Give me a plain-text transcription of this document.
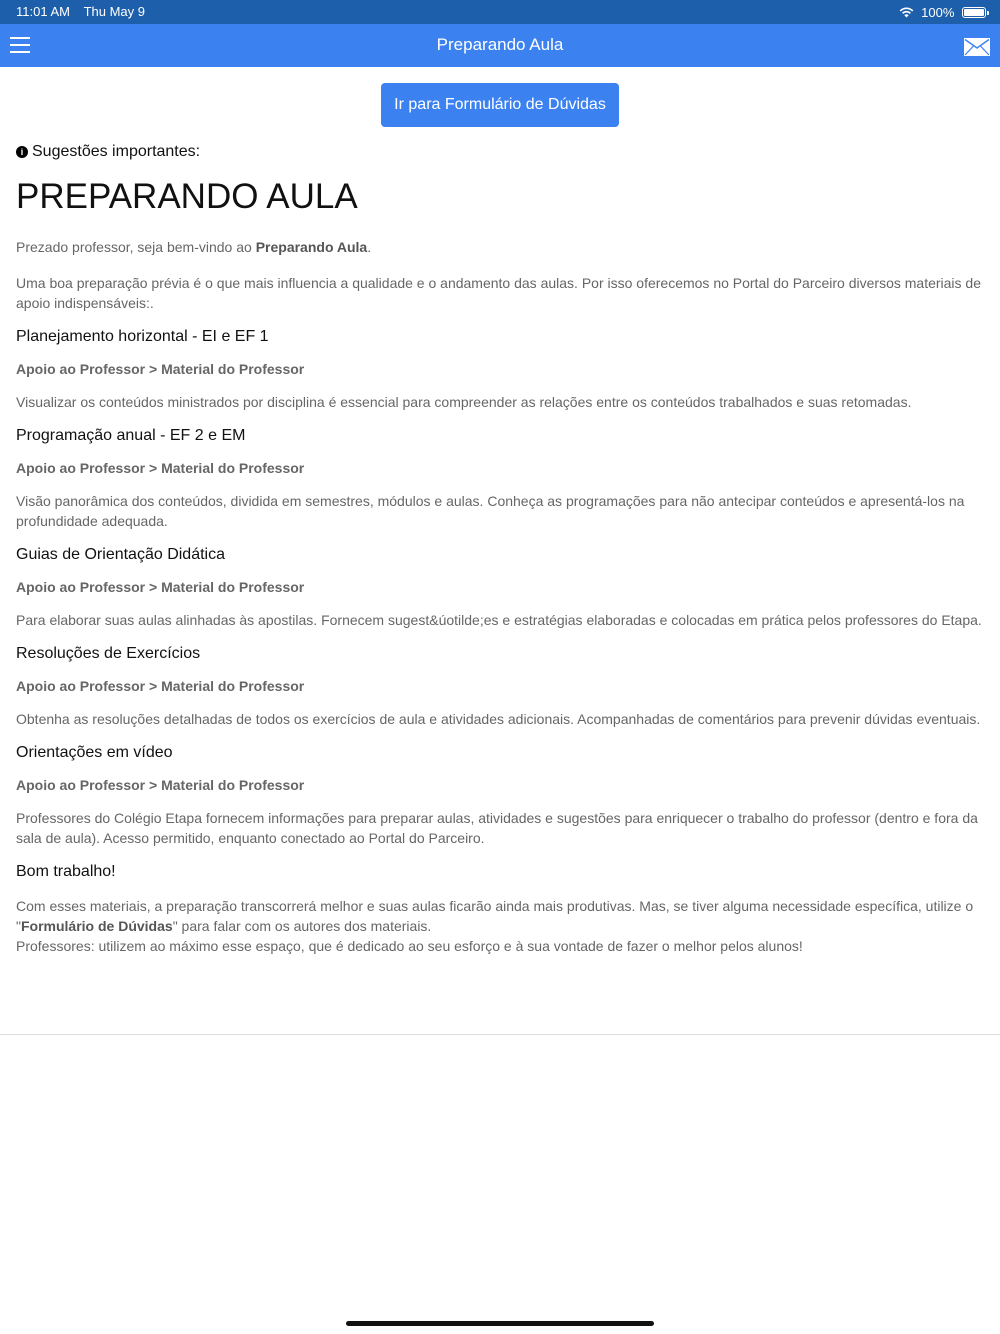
11:01 AM Thu May 9	100%
Preparando Aula
Ir para Formulário de Dúvidas
i Sugestões importantes:
PREPARANDO AULA

Prezado professor, seja bem-vindo ao Preparando Aula.

Uma boa preparação prévia é o que mais influencia a qualidade e o andamento das aulas. Por isso oferecemos no Portal do Parceiro diversos materiais de apoio indispensáveis:.

Planejamento horizontal - EI e EF 1

Apoio ao Professor > Material do Professor

Visualizar os conteúdos ministrados por disciplina é essencial para compreender as relações entre os conteúdos trabalhados e suas retomadas.

Programação anual - EF 2 e EM

Apoio ao Professor > Material do Professor

Visão panorâmica dos conteúdos, dividida em semestres, módulos e aulas. Conheça as programações para não antecipar conteúdos e apresentá-los na profundidade adequada.

Guias de Orientação Didática

Apoio ao Professor > Material do Professor

Para elaborar suas aulas alinhadas às apostilas. Fornecem sugest&úotilde;es e estratégias elaboradas e colocadas em prática pelos professores do Etapa.

Resoluções de Exercícios

Apoio ao Professor > Material do Professor

Obtenha as resoluções detalhadas de todos os exercícios de aula e atividades adicionais. Acompanhadas de comentários para prevenir dúvidas eventuais.

Orientações em vídeo

Apoio ao Professor > Material do Professor

Professores do Colégio Etapa fornecem informações para preparar aulas, atividades e sugestões para enriquecer o trabalho do professor (dentro e fora da sala de aula). Acesso permitido, enquanto conectado ao Portal do Parceiro.

Bom trabalho!

Com esses materiais, a preparação transcorrerá melhor e suas aulas ficarão ainda mais produtivas. Mas, se tiver alguma necessidade específica, utilize o "Formulário de Dúvidas" para falar com os autores dos materiais.
Professores: utilizem ao máximo esse espaço, que é dedicado ao seu esforço e à sua vontade de fazer o melhor pelos alunos!
